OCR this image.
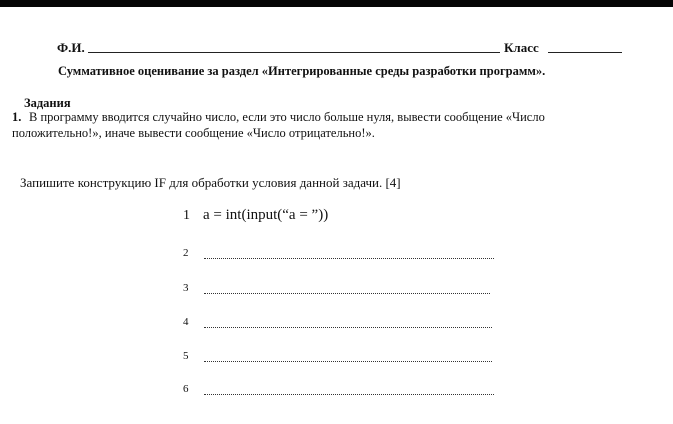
Ф.И.	Класс
Суммативное оценивание за раздел «Интегрированные среды разработки программ».
Задания
1. В программу вводится случайно число, если это число больше нуля, вывести сообщение «Число
положительно!», иначе вывести сообщение «Число отрицательно!».
Запишите конструкцию IF для обработки условия данной задачи. [4]
1 a = int(input(“a = ”))
2
3
4
5
6
